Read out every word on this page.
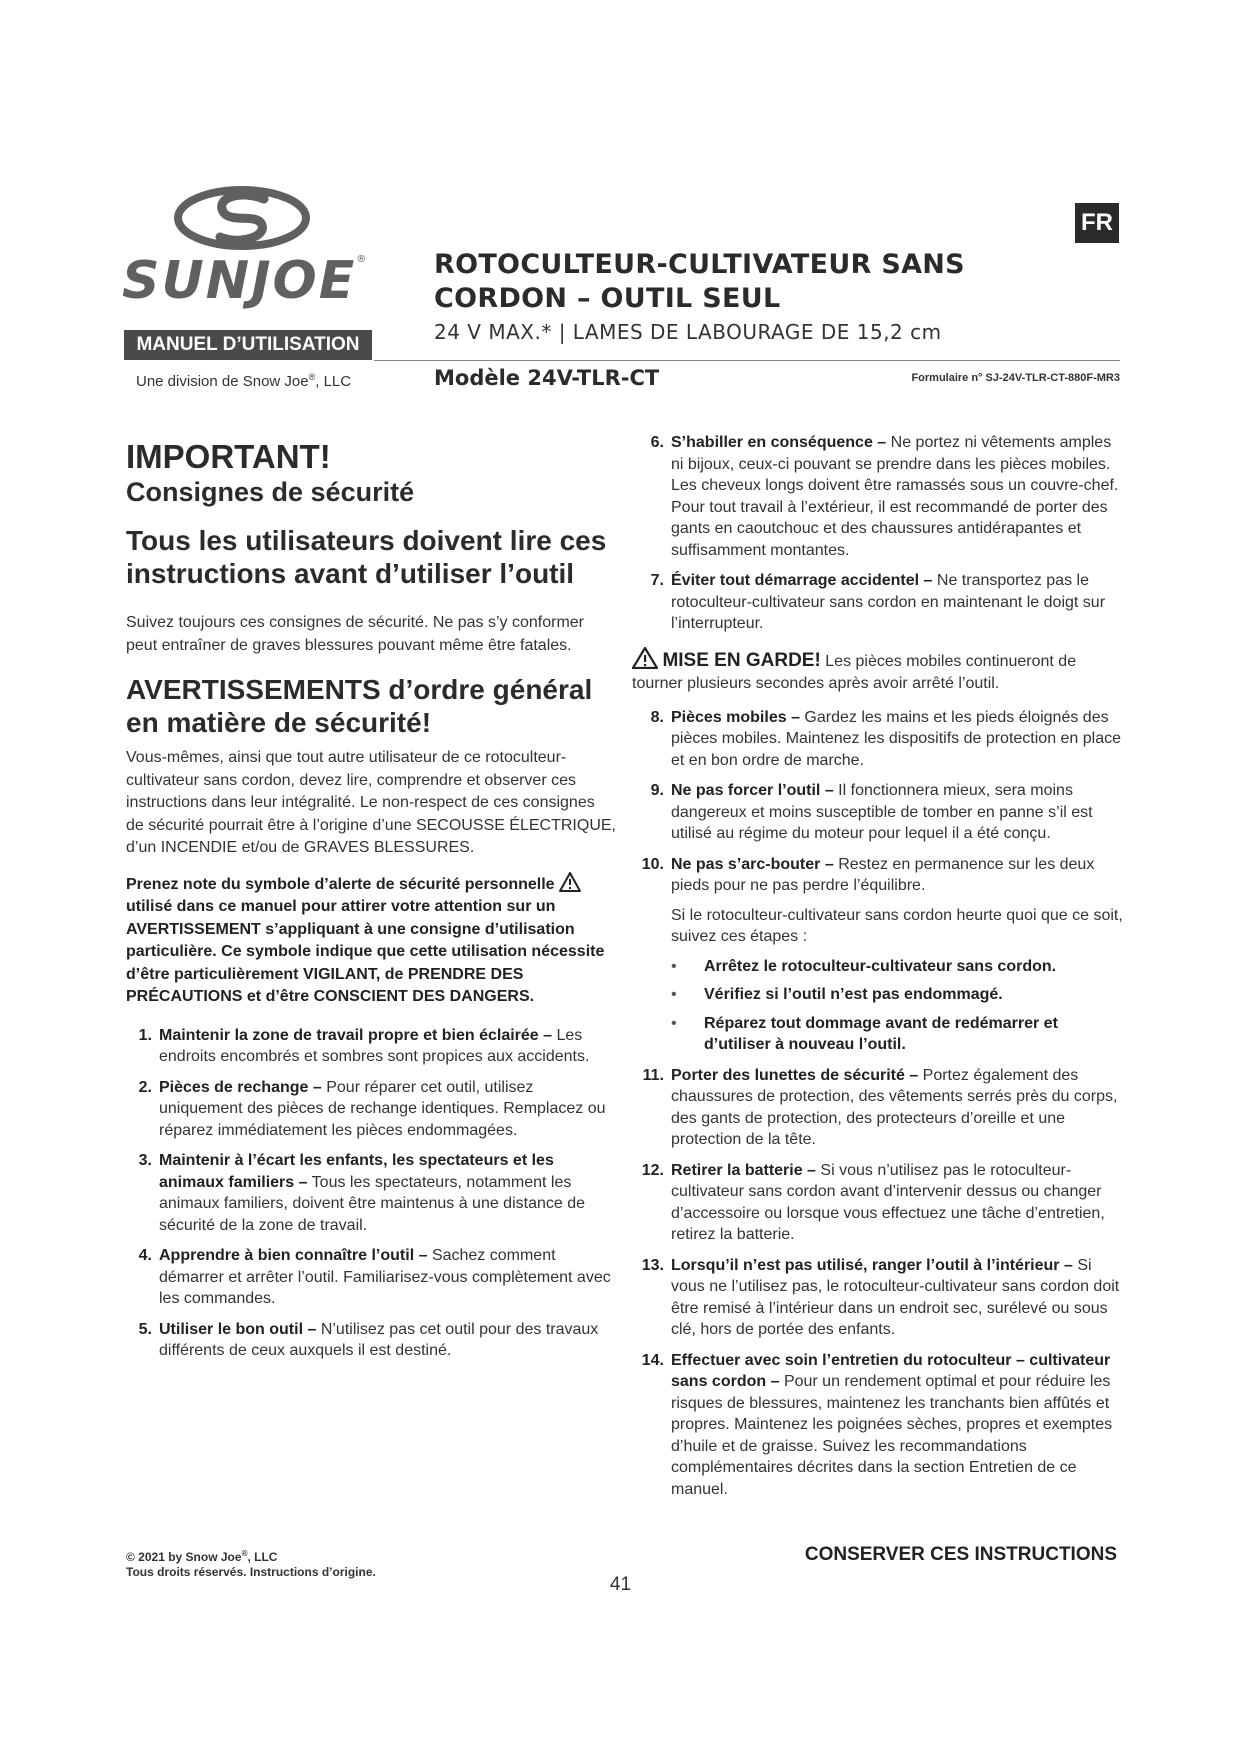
SUNJOE®
MANUEL D’UTILISATION
Une division de Snow Joe®, LLC
FR
ROTOCULTEUR-CULTIVATEUR SANS
CORDON – OUTIL SEUL
24 V MAX.* | LAMES DE LABOURAGE DE 15,2 cm
Modèle 24V-TLR-CT	Formulaire n° SJ-24V-TLR-CT-880F-MR3
IMPORTANT!
Consignes de sécurité
Tous les utilisateurs doivent lire ces instructions avant d’utiliser l’outil
Suivez toujours ces consignes de sécurité. Ne pas s’y conformer peut entraîner de graves blessures pouvant même être fatales.
AVERTISSEMENTS d’ordre général en matière de sécurité!
Vous-mêmes, ainsi que tout autre utilisateur de ce rotoculteur-cultivateur sans cordon, devez lire, comprendre et observer ces instructions dans leur intégralité. Le non-respect de ces consignes de sécurité pourrait être à l’origine d’une SECOUSSE ÉLECTRIQUE, d’un INCENDIE et/ou de GRAVES BLESSURES.
Prenez note du symbole d’alerte de sécurité personnelle  utilisé dans ce manuel pour attirer votre attention sur un AVERTISSEMENT s’appliquant à une consigne d’utilisation particulière. Ce symbole indique que cette utilisation nécessite d’être particulièrement VIGILANT, de PRENDRE DES PRÉCAUTIONS et d’être CONSCIENT DES DANGERS.
1. Maintenir la zone de travail propre et bien éclairée – Les endroits encombrés et sombres sont propices aux accidents.
2. Pièces de rechange – Pour réparer cet outil, utilisez uniquement des pièces de rechange identiques. Remplacez ou réparez immédiatement les pièces endommagées.
3. Maintenir à l’écart les enfants, les spectateurs et les animaux familiers – Tous les spectateurs, notamment les animaux familiers, doivent être maintenus à une distance de sécurité de la zone de travail.
4. Apprendre à bien connaître l’outil – Sachez comment démarrer et arrêter l’outil. Familiarisez-vous complètement avec les commandes.
5. Utiliser le bon outil – N’utilisez pas cet outil pour des travaux différents de ceux auxquels il est destiné.
6. S’habiller en conséquence – Ne portez ni vêtements amples ni bijoux, ceux-ci pouvant se prendre dans les pièces mobiles. Les cheveux longs doivent être ramassés sous un couvre-chef. Pour tout travail à l’extérieur, il est recommandé de porter des gants en caoutchouc et des chaussures antidérapantes et suffisamment montantes.
7. Éviter tout démarrage accidentel – Ne transportez pas le rotoculteur-cultivateur sans cordon en maintenant le doigt sur l’interrupteur.
MISE EN GARDE! Les pièces mobiles continueront de tourner plusieurs secondes après avoir arrêté l’outil.
8. Pièces mobiles – Gardez les mains et les pieds éloignés des pièces mobiles. Maintenez les dispositifs de protection en place et en bon ordre de marche.
9. Ne pas forcer l’outil – Il fonctionnera mieux, sera moins dangereux et moins susceptible de tomber en panne s’il est utilisé au régime du moteur pour lequel il a été conçu.
10. Ne pas s’arc-bouter – Restez en permanence sur les deux pieds pour ne pas perdre l’équilibre.
Si le rotoculteur-cultivateur sans cordon heurte quoi que ce soit, suivez ces étapes :
• Arrêtez le rotoculteur-cultivateur sans cordon.
• Vérifiez si l’outil n’est pas endommagé.
• Réparez tout dommage avant de redémarrer et d’utiliser à nouveau l’outil.
11. Porter des lunettes de sécurité – Portez également des chaussures de protection, des vêtements serrés près du corps, des gants de protection, des protecteurs d’oreille et une protection de la tête.
12. Retirer la batterie – Si vous n’utilisez pas le rotoculteur-cultivateur sans cordon avant d’intervenir dessus ou changer d’accessoire ou lorsque vous effectuez une tâche d’entretien, retirez la batterie.
13. Lorsqu’il n’est pas utilisé, ranger l’outil à l’intérieur – Si vous ne l’utilisez pas, le rotoculteur-cultivateur sans cordon doit être remisé à l’intérieur dans un endroit sec, surélevé ou sous clé, hors de portée des enfants.
14. Effectuer avec soin l’entretien du rotoculteur – cultivateur sans cordon – Pour un rendement optimal et pour réduire les risques de blessures, maintenez les tranchants bien affûtés et propres. Maintenez les poignées sèches, propres et exemptes d’huile et de graisse. Suivez les recommandations complémentaires décrites dans la section Entretien de ce manuel.
© 2021 by Snow Joe®, LLC
Tous droits réservés. Instructions d’origine.
CONSERVER CES INSTRUCTIONS
41
